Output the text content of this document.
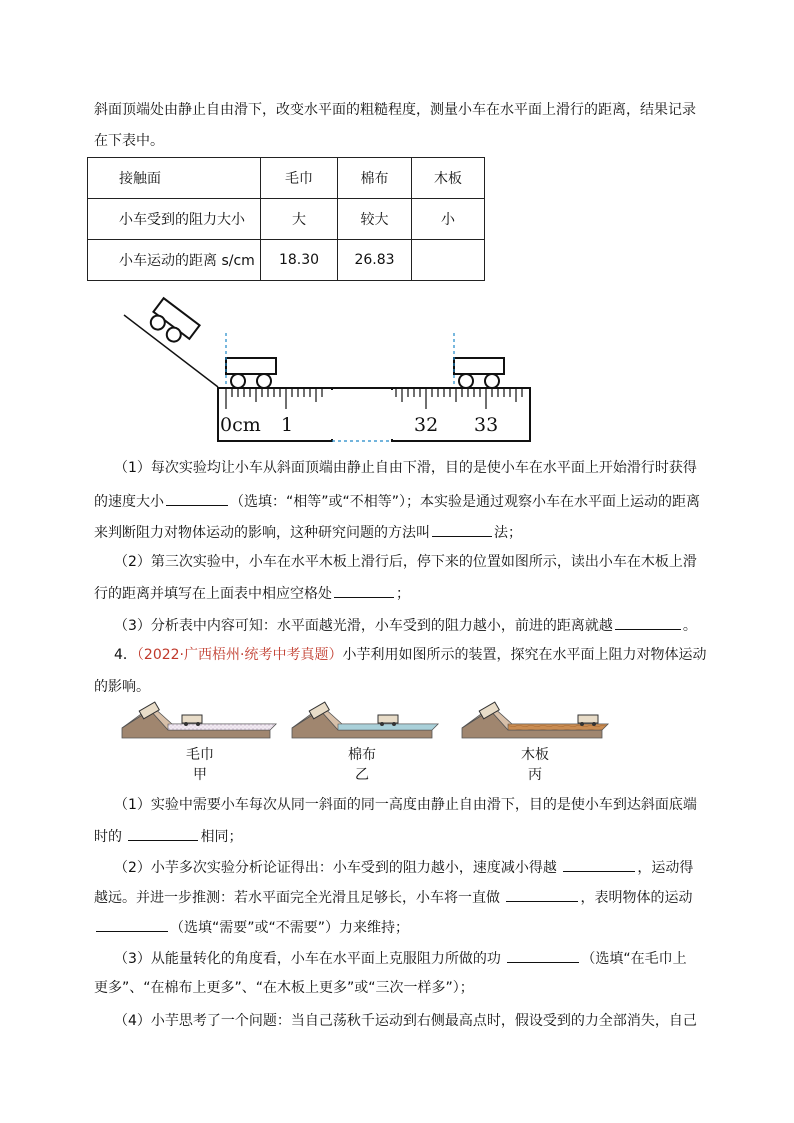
斜面顶端处由静止自由滑下，改变水平面的粗糙程度，测量小车在水平面上滑行的距离，结果记录
在下表中。
接触面	毛巾	棉布	木板
小车受到的阻力大小	大	较大	小
小车运动的距离 s/cm	18.30	26.83	
0cm 1	32 33
（1）每次实验均让小车从斜面顶端由静止自由下滑，目的是使小车在水平面上开始滑行时获得
的速度大小	（选填：“相等”或“不相等”）；本实验是通过观察小车在水平面上运动的距离
来判断阻力对物体运动的影响，这种研究问题的方法叫	法；
（2）第三次实验中，小车在水平木板上滑行后，停下来的位置如图所示，读出小车在木板上滑
行的距离并填写在上面表中相应空格处	；
（3）分析表中内容可知：水平面越光滑，小车受到的阻力越小，前进的距离就越	。
4．（2022·广西梧州·统考中考真题）小芋利用如图所示的装置，探究在水平面上阻力对物体运动
的影响。
毛巾
甲
棉布
乙
木板
丙
（1）实验中需要小车每次从同一斜面的同一高度由静止自由滑下，目的是使小车到达斜面底端
时的	相同；
（2）小芋多次实验分析论证得出：小车受到的阻力越小，速度减小得越	，运动得
越远。并进一步推测：若水平面完全光滑且足够长，小车将一直做	，表明物体的运动
（选填“需要”或“不需要”）力来维持；
（3）从能量转化的角度看，小车在水平面上克服阻力所做的功	（选填“在毛巾上
更多”、“在棉布上更多”、“在木板上更多”或“三次一样多”）；
（4）小芋思考了一个问题：当自己荡秋千运动到右侧最高点时，假设受到的力全部消失，自己
